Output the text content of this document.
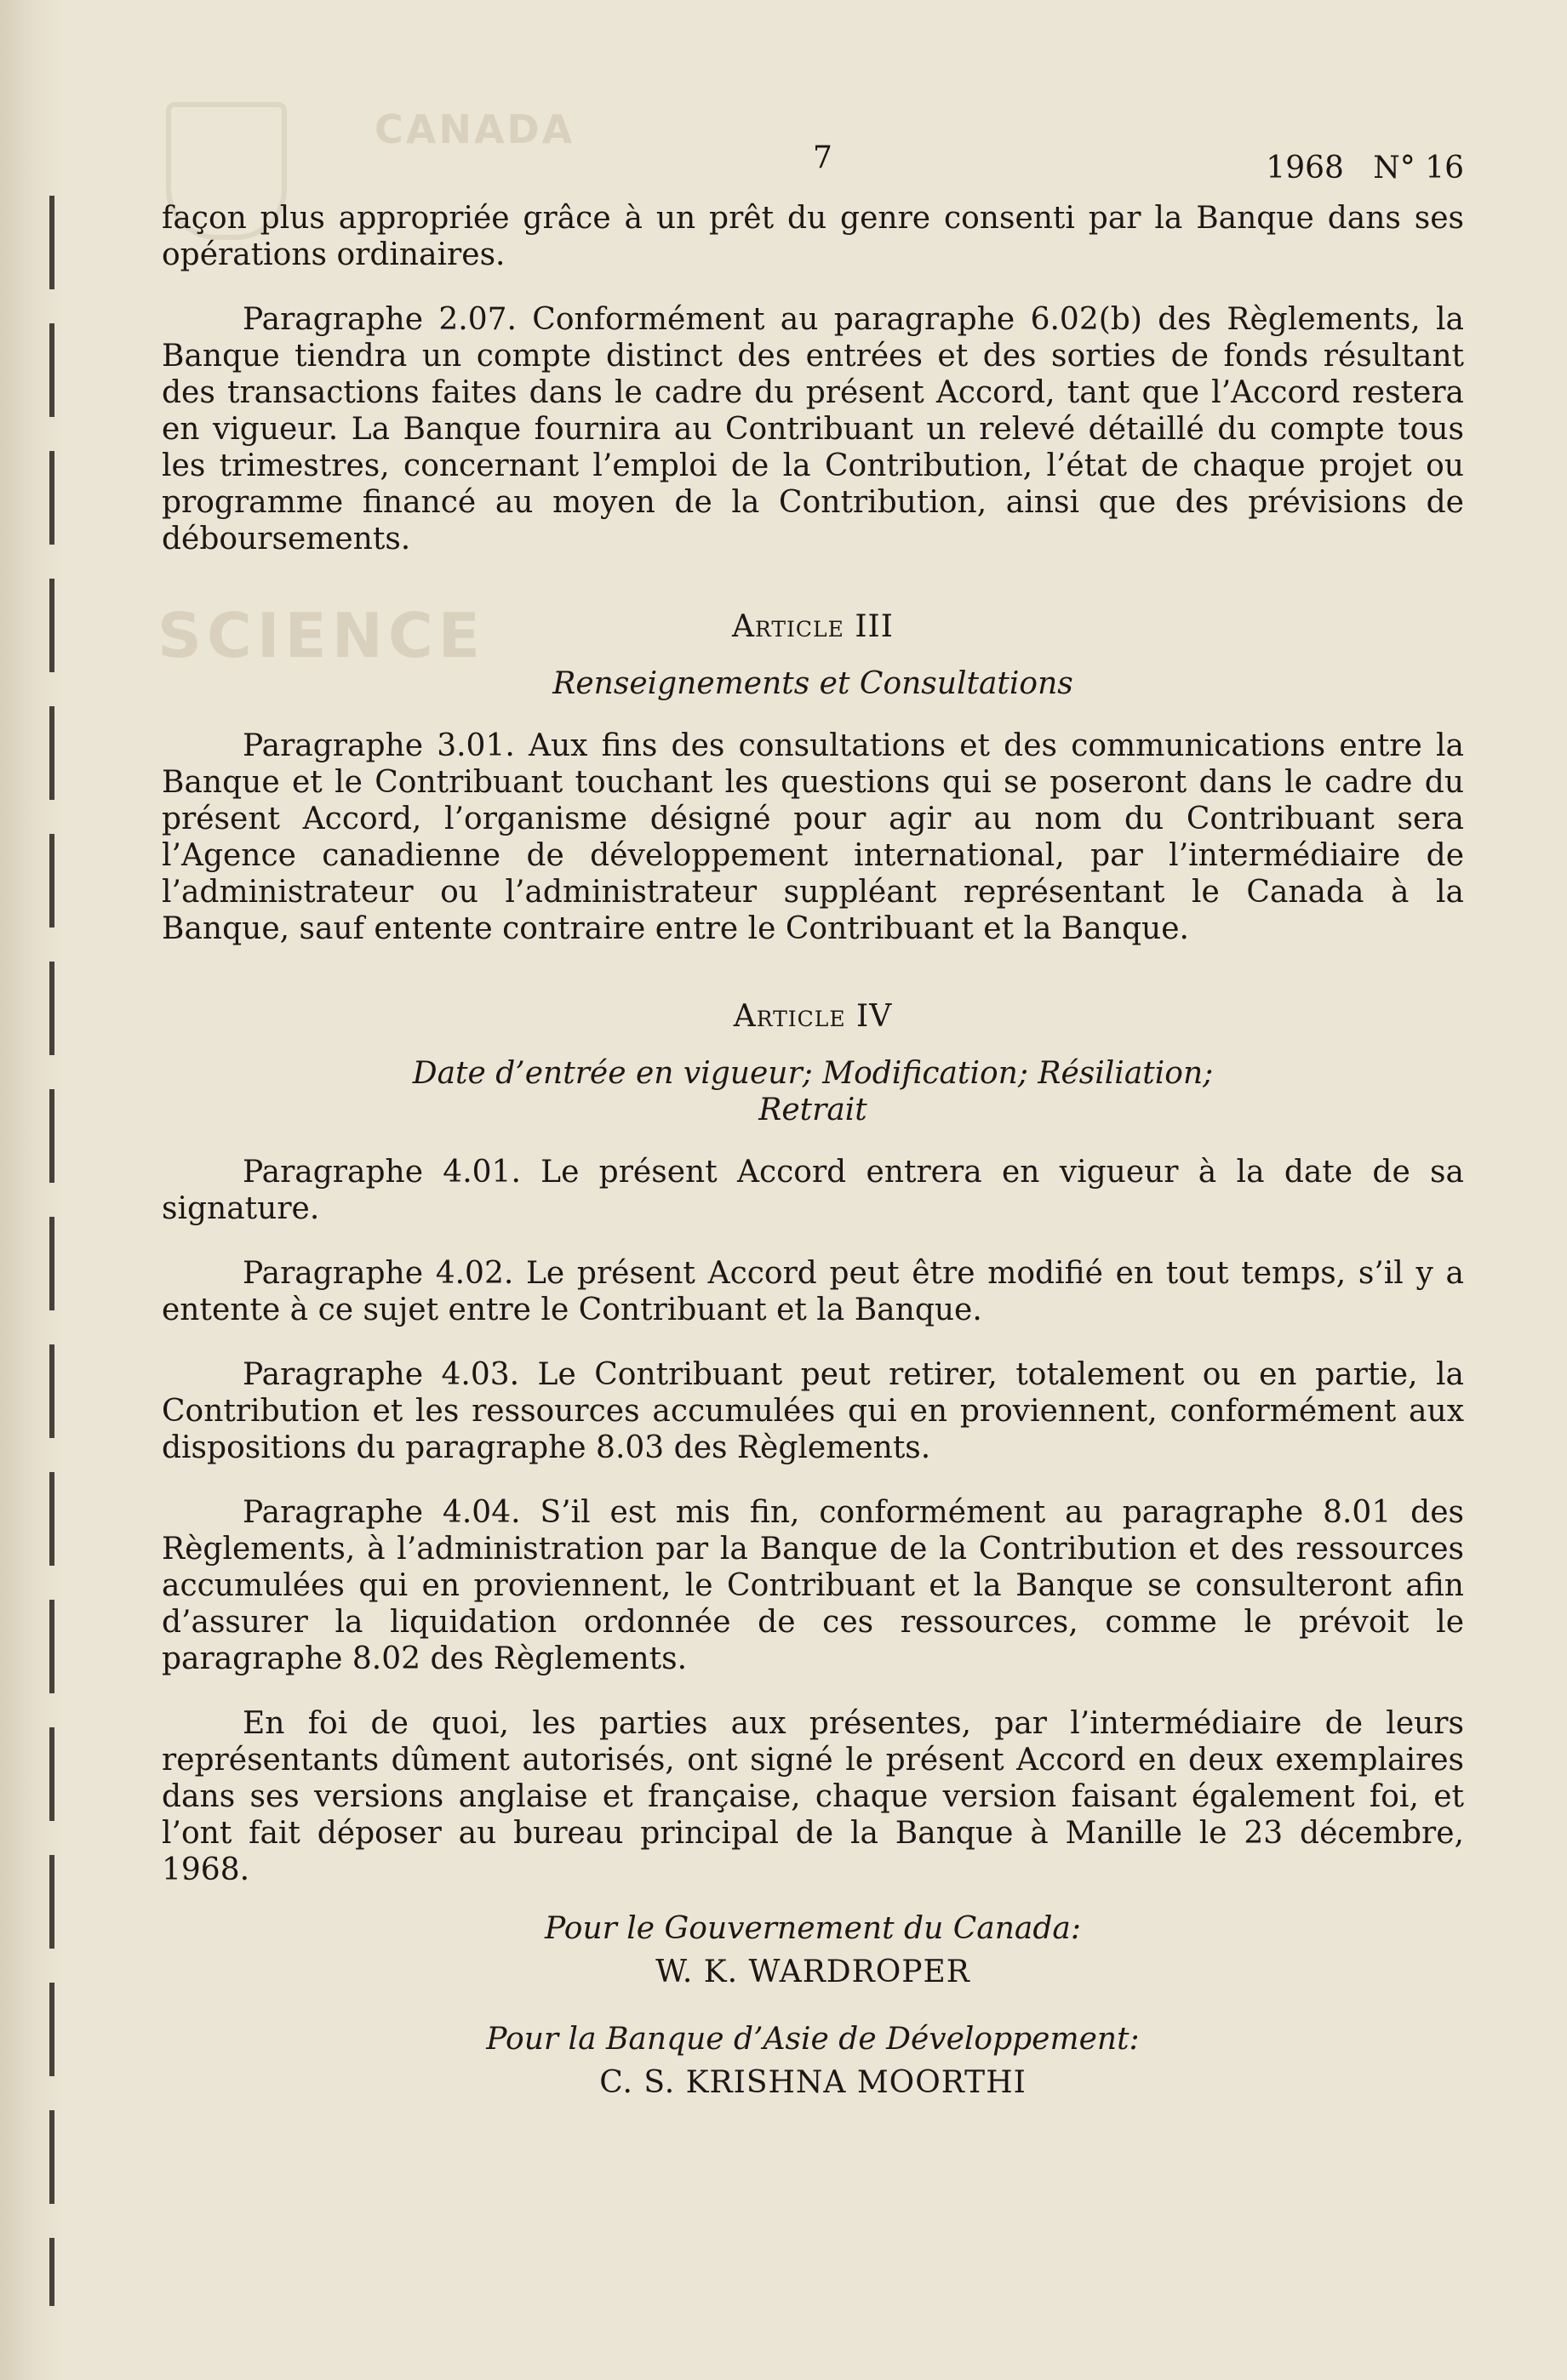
CANADA
SCIENCE
7	1968   N° 16

façon plus appropriée grâce à un prêt du genre consenti par la Banque dans ses opérations ordinaires.

Paragraphe 2.07. Conformément au paragraphe 6.02(b) des Règlements, la Banque tiendra un compte distinct des entrées et des sorties de fonds résultant des transactions faites dans le cadre du présent Accord, tant que l’Accord restera en vigueur. La Banque fournira au Contribuant un relevé détaillé du compte tous les trimestres, concernant l’emploi de la Contribution, l’état de chaque projet ou programme financé au moyen de la Contribution, ainsi que des prévisions de déboursements.

Article III
Renseignements et Consultations

Paragraphe 3.01. Aux fins des consultations et des communications entre la Banque et le Contribuant touchant les questions qui se poseront dans le cadre du présent Accord, l’organisme désigné pour agir au nom du Contribuant sera l’Agence canadienne de développement international, par l’intermédiaire de l’administrateur ou l’administrateur suppléant représentant le Canada à la Banque, sauf entente contraire entre le Contribuant et la Banque.

Article IV
Date d’entrée en vigueur; Modification; Résiliation;
Retrait

Paragraphe 4.01. Le présent Accord entrera en vigueur à la date de sa signature.

Paragraphe 4.02. Le présent Accord peut être modifié en tout temps, s’il y a entente à ce sujet entre le Contribuant et la Banque.

Paragraphe 4.03. Le Contribuant peut retirer, totalement ou en partie, la Contribution et les ressources accumulées qui en proviennent, conformément aux dispositions du paragraphe 8.03 des Règlements.

Paragraphe 4.04. S’il est mis fin, conformément au paragraphe 8.01 des Règlements, à l’administration par la Banque de la Contribution et des ressources accumulées qui en proviennent, le Contribuant et la Banque se consulteront afin d’assurer la liquidation ordonnée de ces ressources, comme le prévoit le paragraphe 8.02 des Règlements.

En foi de quoi, les parties aux présentes, par l’intermédiaire de leurs représentants dûment autorisés, ont signé le présent Accord en deux exemplaires dans ses versions anglaise et française, chaque version faisant également foi, et l’ont fait déposer au bureau principal de la Banque à Manille le 23 décembre, 1968.

Pour le Gouvernement du Canada:
W. K. WARDROPER
Pour la Banque d’Asie de Développement:
C. S. KRISHNA MOORTHI
